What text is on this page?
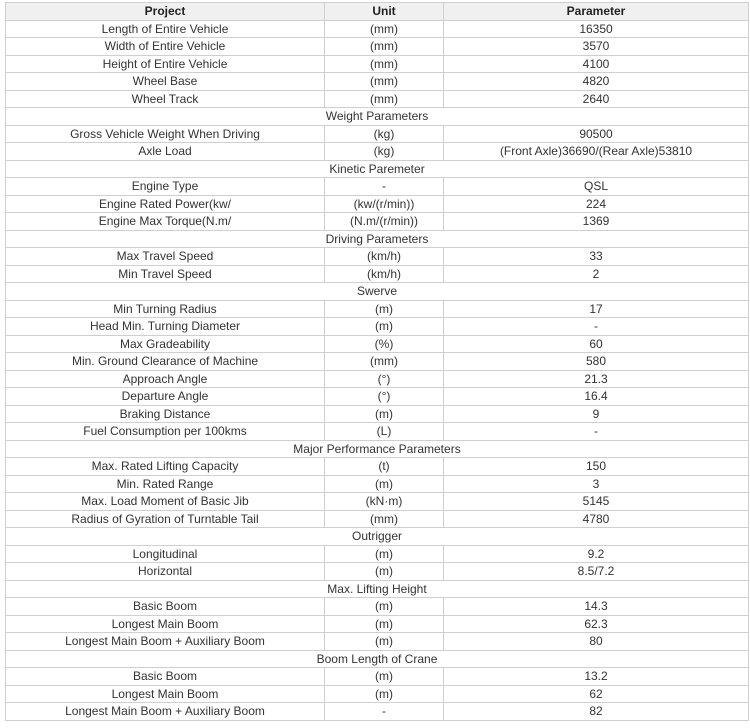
Project	Unit	Parameter
Length of Entire Vehicle	(mm)	16350
Width of Entire Vehicle	(mm)	3570
Height of Entire Vehicle	(mm)	4100
Wheel Base	(mm)	4820
Wheel Track	(mm)	2640
Weight Parameters		
Gross Vehicle Weight When Driving	(kg)	90500
Axle Load	(kg)	(Front Axle)36690/(Rear Axle)53810
Kinetic Paremeter		
Engine Type	-	QSL
Engine Rated Power(kw/	(kw/(r/min))	224
Engine Max Torque(N.m/	(N.m/(r/min))	1369
Driving Parameters		
Max Travel Speed	(km/h)	33
Min Travel Speed	(km/h)	2
Swerve		
Min Turning Radius	(m)	17
Head Min. Turning Diameter	(m)	-
Max Gradeability	(%)	60
Min. Ground Clearance of Machine	(mm)	580
Approach Angle	(°)	21.3
Departure Angle	(°)	16.4
Braking Distance	(m)	9
Fuel Consumption per 100kms	(L)	-
Major Performance Parameters		
Max. Rated Lifting Capacity	(t)	150
Min. Rated Range	(m)	3
Max. Load Moment of Basic Jib	(kN·m)	5145
Radius of Gyration of Turntable Tail	(mm)	4780
Outrigger		
Longitudinal	(m)	9.2
Horizontal	(m)	8.5/7.2
Max. Lifting Height		
Basic Boom	(m)	14.3
Longest Main Boom	(m)	62.3
Longest Main Boom + Auxiliary Boom	(m)	80
Boom Length of Crane		
Basic Boom	(m)	13.2
Longest Main Boom	(m)	62
Longest Main Boom + Auxiliary Boom	-	82
